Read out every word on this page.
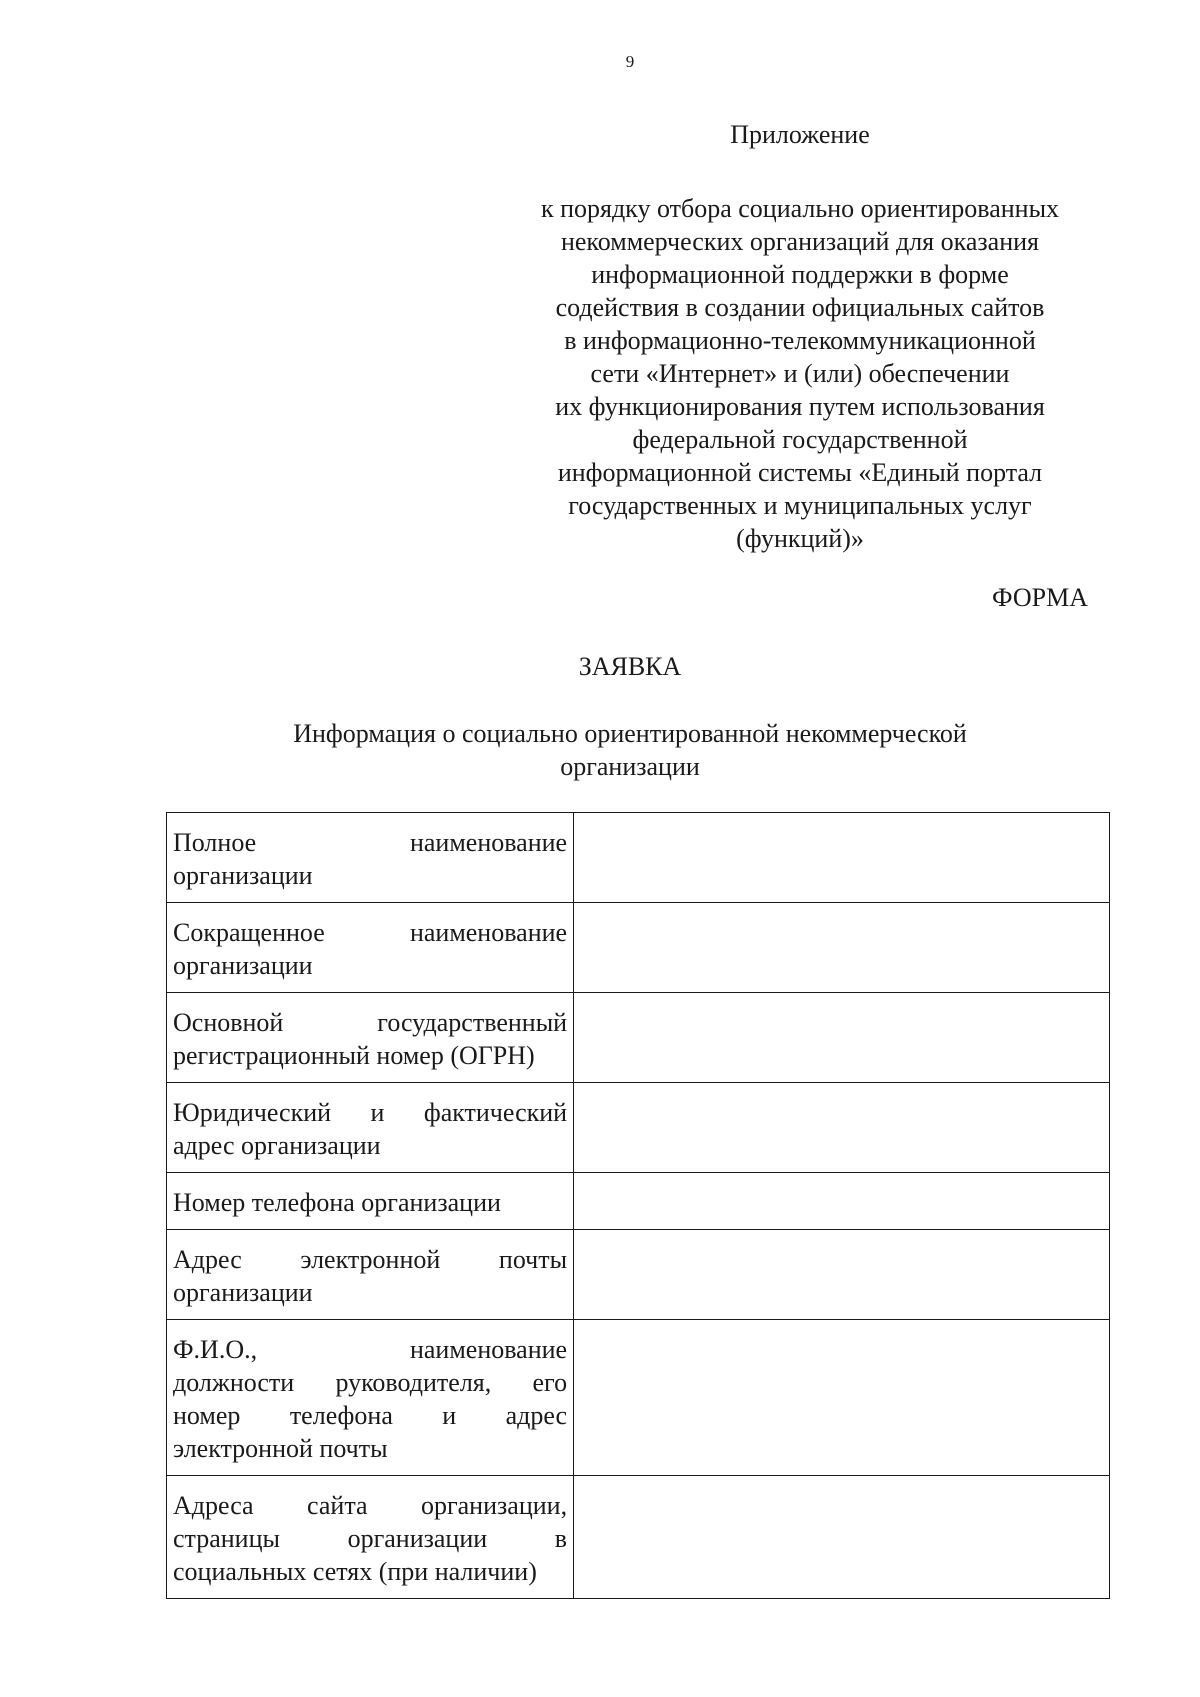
9
Приложение
к порядку отбора социально ориентированных
некоммерческих организаций для оказания
информационной поддержки в форме
содействия в создании официальных сайтов
в информационно-телекоммуникационной
сети «Интернет» и (или) обеспечении
их функционирования путем использования
федеральной государственной
информационной системы «Единый портал
государственных и муниципальных услуг
(функций)»
ФОРМА
ЗАЯВКА
Информация о социально ориентированной некоммерческой
организации
Полное наименование
организации	

Сокращенное наименование
организации	

Основной государственный
регистрационный номер (ОГРН)	

Юридический и фактический
адрес организации	

Номер телефона организации	

Адрес электронной почты
организации	

Ф.И.О., наименование
должности руководителя, его
номер телефона и адрес
электронной почты	

Адреса сайта организации,
страницы организации в
социальных сетях (при наличии)	
